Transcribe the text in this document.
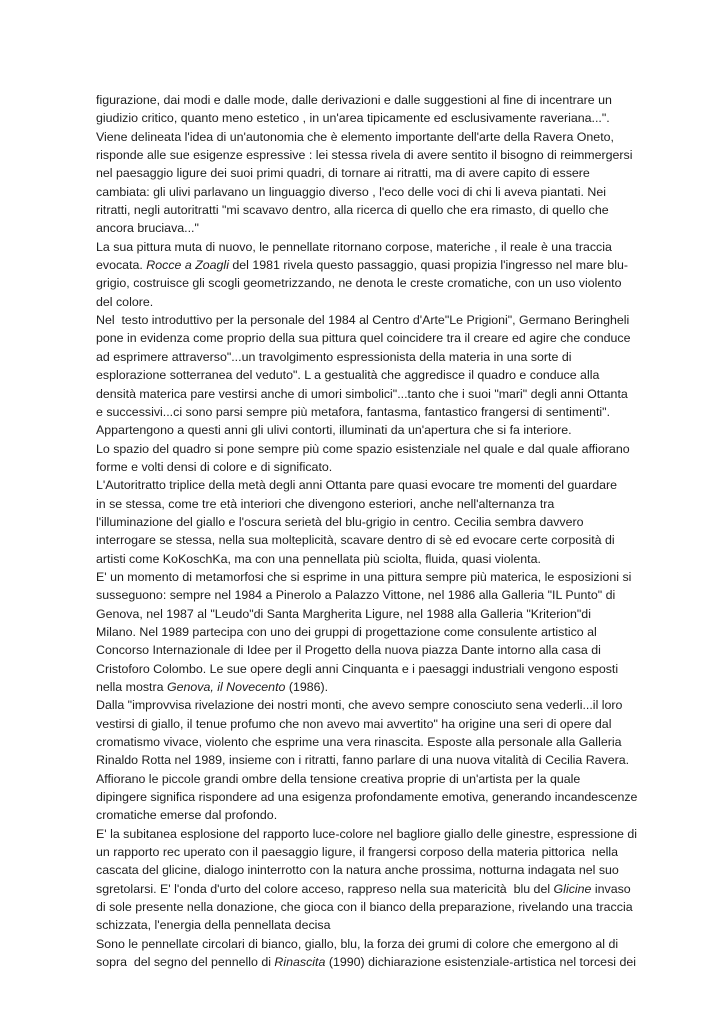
figurazione, dai modi e dalle mode, dalle derivazioni e dalle suggestioni al fine di incentrare un
giudizio critico, quanto meno estetico , in un'area tipicamente ed esclusivamente raveriana...".
Viene delineata l'idea di un'autonomia che è elemento importante dell'arte della Ravera Oneto,
risponde alle sue esigenze espressive : lei stessa rivela di avere sentito il bisogno di reimmergersi
nel paesaggio ligure dei suoi primi quadri, di tornare ai ritratti, ma di avere capito di essere
cambiata: gli ulivi parlavano un linguaggio diverso , l'eco delle voci di chi li aveva piantati. Nei
ritratti, negli autoritratti "mi scavavo dentro, alla ricerca di quello che era rimasto, di quello che
ancora bruciava..."
La sua pittura muta di nuovo, le pennellate ritornano corpose, materiche , il reale è una traccia
evocata. Rocce a Zoagli del 1981 rivela questo passaggio, quasi propizia l'ingresso nel mare blu-
grigio, costruisce gli scogli geometrizzando, ne denota le creste cromatiche, con un uso violento
del colore.
Nel  testo introduttivo per la personale del 1984 al Centro d'Arte"Le Prigioni", Germano Beringheli
pone in evidenza come proprio della sua pittura quel coincidere tra il creare ed agire che conduce
ad esprimere attraverso"...un travolgimento espressionista della materia in una sorte di
esplorazione sotterranea del veduto". L a gestualità che aggredisce il quadro e conduce alla
densità materica pare vestirsi anche di umori simbolici"...tanto che i suoi "mari" degli anni Ottanta
e successivi...ci sono parsi sempre più metafora, fantasma, fantastico frangersi di sentimenti".
Appartengono a questi anni gli ulivi contorti, illuminati da un'apertura che si fa interiore.
Lo spazio del quadro si pone sempre più come spazio esistenziale nel quale e dal quale affiorano
forme e volti densi di colore e di significato.
L'Autoritratto triplice della metà degli anni Ottanta pare quasi evocare tre momenti del guardare
in se stessa, come tre età interiori che divengono esteriori, anche nell'alternanza tra
l'illuminazione del giallo e l'oscura serietà del blu-grigio in centro. Cecilia sembra davvero
interrogare se stessa, nella sua molteplicità, scavare dentro di sè ed evocare certe corposità di
artisti come KoKoschKa, ma con una pennellata più sciolta, fluida, quasi violenta.
E' un momento di metamorfosi che si esprime in una pittura sempre più materica, le esposizioni si
susseguono: sempre nel 1984 a Pinerolo a Palazzo Vittone, nel 1986 alla Galleria "IL Punto" di
Genova, nel 1987 al "Leudo"di Santa Margherita Ligure, nel 1988 alla Galleria "Kriterion"di
Milano. Nel 1989 partecipa con uno dei gruppi di progettazione come consulente artistico al
Concorso Internazionale di Idee per il Progetto della nuova piazza Dante intorno alla casa di
Cristoforo Colombo. Le sue opere degli anni Cinquanta e i paesaggi industriali vengono esposti
nella mostra Genova, il Novecento (1986).
Dalla "improvvisa rivelazione dei nostri monti, che avevo sempre conosciuto sena vederli...il loro
vestirsi di giallo, il tenue profumo che non avevo mai avvertito" ha origine una seri di opere dal
cromatismo vivace, violento che esprime una vera rinascita. Esposte alla personale alla Galleria
Rinaldo Rotta nel 1989, insieme con i ritratti, fanno parlare di una nuova vitalità di Cecilia Ravera.
Affiorano le piccole grandi ombre della tensione creativa proprie di un'artista per la quale
dipingere significa rispondere ad una esigenza profondamente emotiva, generando incandescenze
cromatiche emerse dal profondo.
E' la subitanea esplosione del rapporto luce-colore nel bagliore giallo delle ginestre, espressione di
un rapporto rec uperato con il paesaggio ligure, il frangersi corposo della materia pittorica  nella
cascata del glicine, dialogo ininterrotto con la natura anche prossima, notturna indagata nel suo
sgretolarsi. E' l'onda d'urto del colore acceso, rappreso nella sua matericità  blu del Glicine invaso
di sole presente nella donazione, che gioca con il bianco della preparazione, rivelando una traccia
schizzata, l'energia della pennellata decisa
Sono le pennellate circolari di bianco, giallo, blu, la forza dei grumi di colore che emergono al di
sopra  del segno del pennello di Rinascita (1990) dichiarazione esistenziale-artistica nel torcesi dei
